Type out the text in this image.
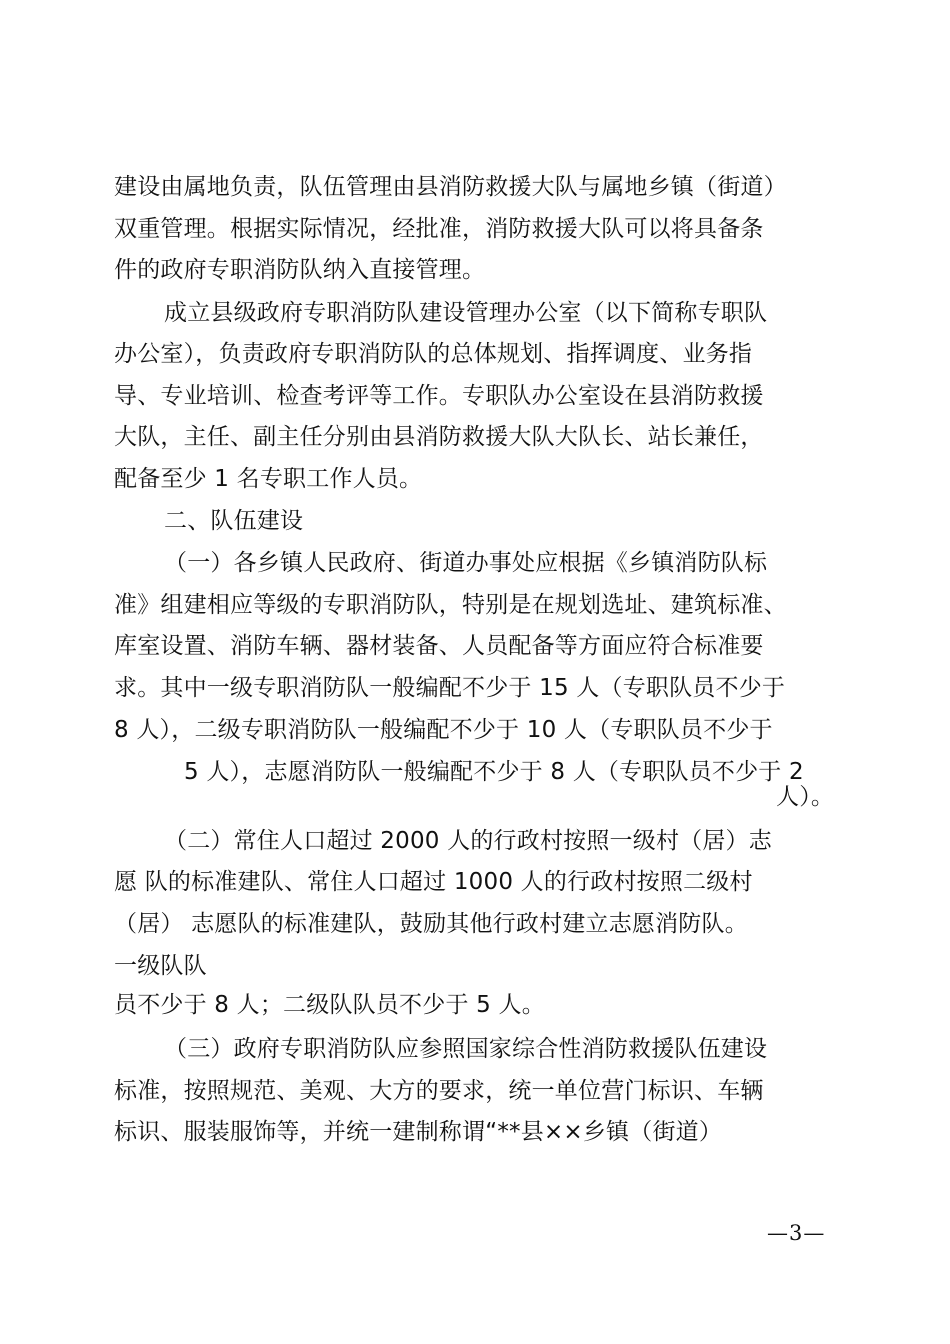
建设由属地负责，队伍管理由县消防救援大队与属地乡镇（街道）
双重管理。根据实际情况，经批准，消防救援大队可以将具备条
件的政府专职消防队纳入直接管理。
成立县级政府专职消防队建设管理办公室（以下简称专职队
办公室），负责政府专职消防队的总体规划、指挥调度、业务指
导、专业培训、检查考评等工作。专职队办公室设在县消防救援
大队，主任、副主任分别由县消防救援大队大队长、站长兼任，
配备至少 1 名专职工作人员。
二、队伍建设
（一）各乡镇人民政府、街道办事处应根据《乡镇消防队标
准》组建相应等级的专职消防队，特别是在规划选址、建筑标准、
库室设置、消防车辆、器材装备、人员配备等方面应符合标准要
求。其中一级专职消防队一般编配不少于 15 人（专职队员不少于
8 人），二级专职消防队一般编配不少于 10 人（专职队员不少于
5 人），志愿消防队一般编配不少于 8 人（专职队员不少于 2
人）。
（二）常住人口超过 2000 人的行政村按照一级村（居）志
愿 队的标准建队、常住人口超过 1000 人的行政村按照二级村
（居） 志愿队的标准建队，鼓励其他行政村建立志愿消防队。
一级队队
员不少于 8 人；二级队队员不少于 5 人。
（三）政府专职消防队应参照国家综合性消防救援队伍建设
标准，按照规范、美观、大方的要求，统一单位营门标识、车辆
标识、服装服饰等，并统一建制称谓“**县××乡镇（街道）
—3—
